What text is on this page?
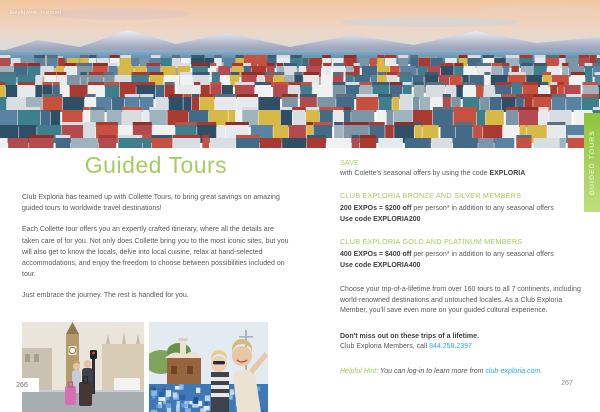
Reykjavik, Iceland
Guided Tours

Club Exploria has teamed up with Collette Tours, to bring great savings on amazing guided tours to worldwide travel destinations!

Each Collette tour offers you an expertly crafted itinerary, where all the details are taken care of for you. Not only does Collette bring you to the most iconic sites, but you will also get to know the locals, delve into local cuisine, relax at hand-selected accommodations, and enjoy the freedom to choose between possibilities included on tour.

Just embrace the journey. The rest is handled for you.

266

SAVE

with Colette's seasonal offers by using the code EXPLORIA

CLUB EXPLORIA BRONZE AND SILVER MEMBERS

200 EXPOs = $200 off per person* in addition to any seasonal offers

Use code EXPLORIA200

CLUB EXPLORIA GOLD AND PLATINUM MEMBERS

400 EXPOs = $400 off per person* in addition to any seasonal offers

Use code EXPLORIA400

Choose your trip-of-a-lifetime from over 160 tours to all 7 continents, including world-renowned destinations and untouched locales. As a Club Exploria Member, you'll save even more on your guided cultural experience.

Don't miss out on these trips of a lifetime.

Club Exploria Members, call 844.258.2397

Helpful Hint: You can log-in to learn more from club-exploria.com.

267
GUIDED TOURS
